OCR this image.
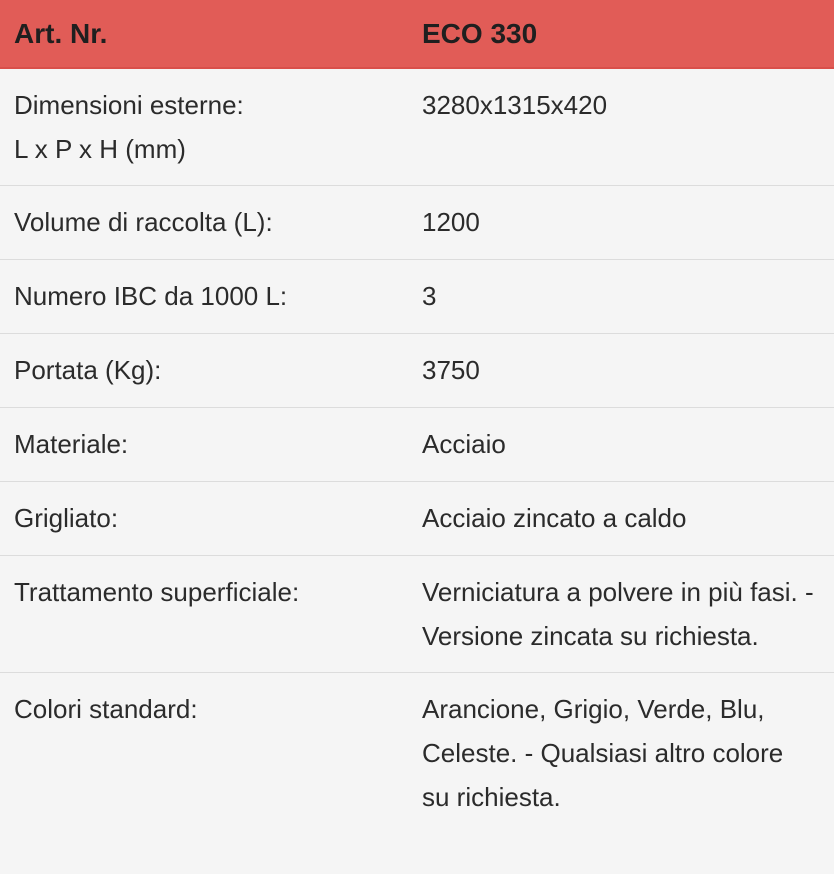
Art. Nr.	ECO 330

Dimensioni esterne:
L x P x H (mm)	3280x1315x420
Volume di raccolta (L):	1200
Numero IBC da 1000 L:	3
Portata (Kg):	3750
Materiale:	Acciaio
Grigliato:	Acciaio zincato a caldo
Trattamento superficiale:	Verniciatura a polvere in più fasi. - Versione zincata su richiesta.
Colori standard:	Arancione, Grigio, Verde, Blu, Celeste. - Qualsiasi altro colore su richiesta.
